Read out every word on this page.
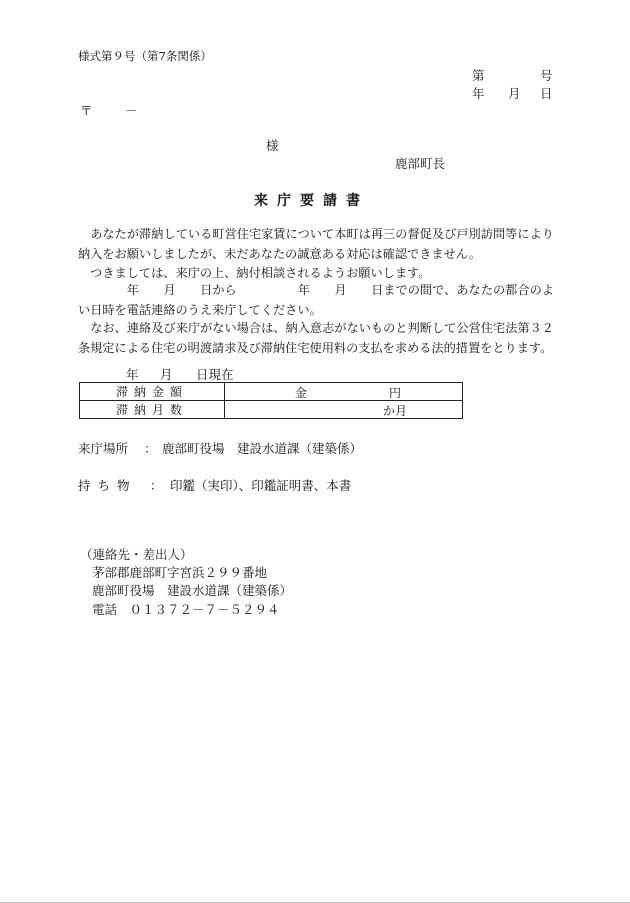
様式第９号（第7条関係）
第	号
年 月 日
〒	－
様
鹿部町長
来庁要請書
　あなたが滞納している町営住宅家賃について本町は再三の督促及び戸別訪問等により納入をお願いしましたが、未だあなたの誠意ある対応は確認できません。
　つきましては、来庁の上、納付相談されるようお願いします。
　　　　年　　月　　日から　　　　　年　　月　　日までの間で、あなたの都合のよい日時を電話連絡のうえ来庁してください。
　なお、連絡及び来庁がない場合は、納入意志がないものと判断して公営住宅法第３２条規定による住宅の明渡請求及び滞納住宅使用料の支払を求める法的措置をとります。
年 月 日現在
滞納金額	金 円

滞納月数	か月
来庁場所 ： 鹿部町役場　建設水道課（建築係）
持ち物 ： 印鑑（実印）、印鑑証明書、本書
（連絡先・差出人）
茅部郡鹿部町字宮浜２９９番地
鹿部町役場　建設水道課（建築係）
電話　０１３７２－７－５２９４
